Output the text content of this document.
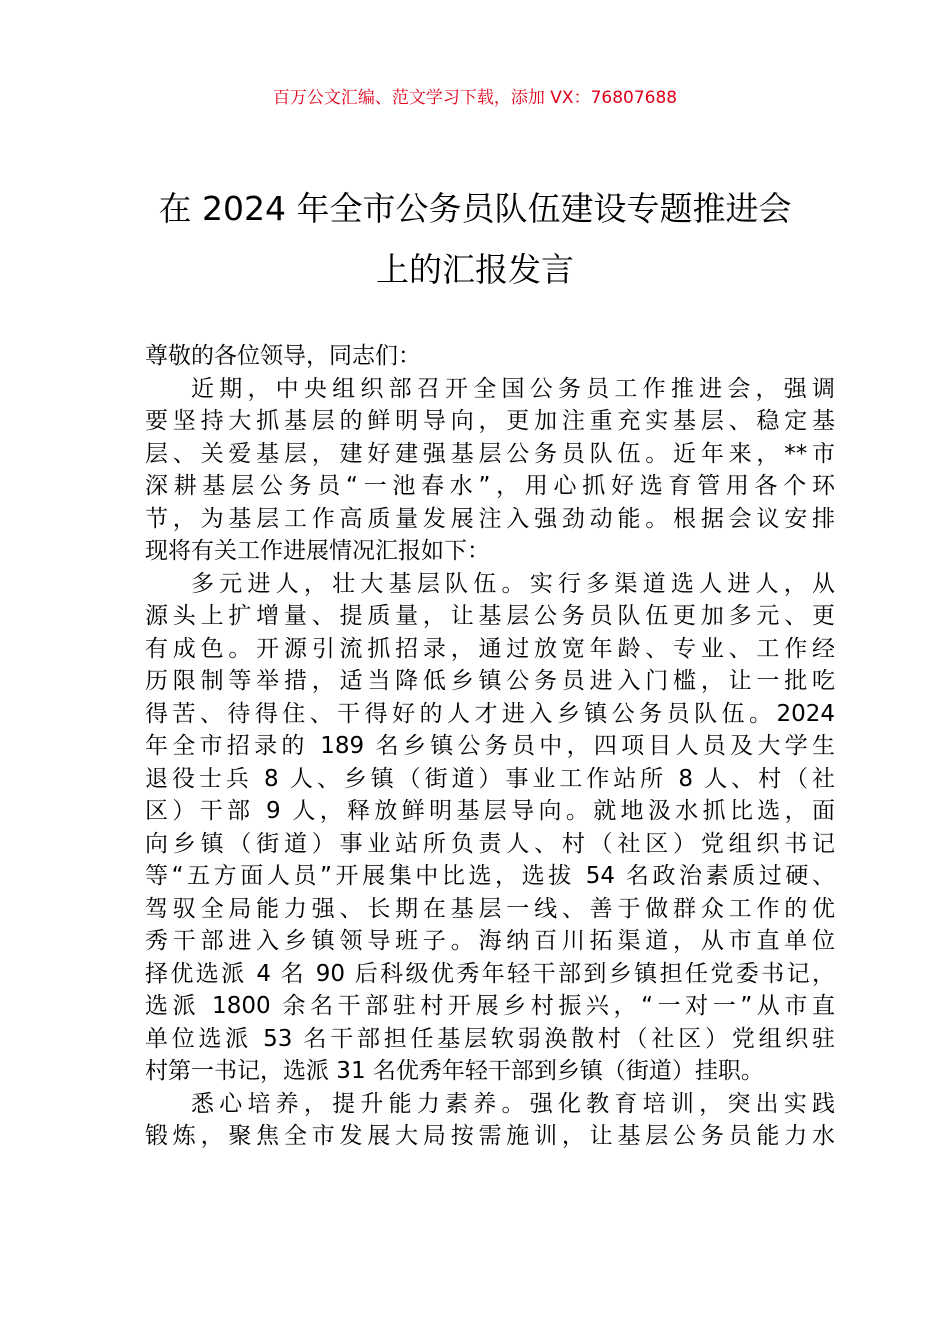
百万公文汇编、范文学习下载，添加 VX：76807688
在 2024 年全市公务员队伍建设专题推进会
上的汇报发言
尊敬的各位领导，同志们：
近期，中央组织部召开全国公务员工作推进会，强调
要坚持大抓基层的鲜明导向，更加注重充实基层、稳定基
层、关爱基层，建好建强基层公务员队伍。近年来，**市
深耕基层公务员“一池春水”，用心抓好选育管用各个环
节，为基层工作高质量发展注入强劲动能。根据会议安排
现将有关工作进展情况汇报如下：
多元进人，壮大基层队伍。实行多渠道选人进人，从
源头上扩增量、提质量，让基层公务员队伍更加多元、更
有成色。开源引流抓招录，通过放宽年龄、专业、工作经
历限制等举措，适当降低乡镇公务员进入门槛，让一批吃
得苦、待得住、干得好的人才进入乡镇公务员队伍。2024
年全市招录的 189 名乡镇公务员中，四项目人员及大学生
退役士兵 8 人、乡镇（街道）事业工作站所 8 人、村（社
区）干部 9 人，释放鲜明基层导向。就地汲水抓比选，面
向乡镇（街道）事业站所负责人、村（社区）党组织书记
等“五方面人员”开展集中比选，选拔 54 名政治素质过硬、
驾驭全局能力强、长期在基层一线、善于做群众工作的优
秀干部进入乡镇领导班子。海纳百川拓渠道，从市直单位
择优选派 4 名 90 后科级优秀年轻干部到乡镇担任党委书记，
选派 1800 余名干部驻村开展乡村振兴，“一对一”从市直
单位选派 53 名干部担任基层软弱涣散村（社区）党组织驻
村第一书记，选派 31 名优秀年轻干部到乡镇（街道）挂职。
悉心培养，提升能力素养。强化教育培训，突出实践
锻炼，聚焦全市发展大局按需施训，让基层公务员能力水
